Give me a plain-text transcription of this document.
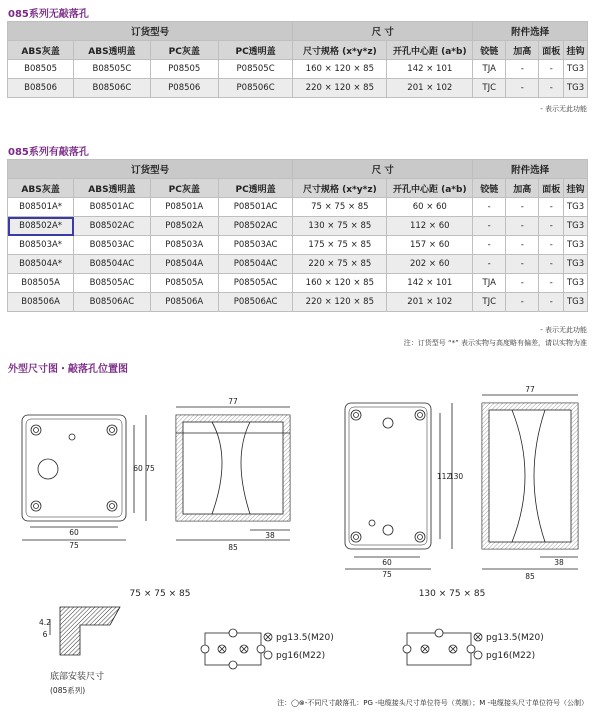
085系列无敲落孔
订货型号				尺 寸		附件选择			
ABS灰盖	ABS透明盖	PC灰盖	PC透明盖	尺寸规格 (x*y*z)	开孔中心距 (a*b)	铰链	加高	面板	挂钩
B08505	B08505C	P08505	P08505C	160 × 120 × 85	142 × 101	TJA	-	-	TG3
B08506	B08506C	P08506	P08506C	220 × 120 × 85	201 × 102	TJC	-	-	TG3
- 表示无此功能
085系列有敲落孔
订货型号				尺 寸		附件选择			
ABS灰盖	ABS透明盖	PC灰盖	PC透明盖	尺寸规格 (x*y*z)	开孔中心距 (a*b)	铰链	加高	面板	挂钩
B08501A*	B08501AC	P08501A	P08501AC	75 × 75 × 85	60 × 60	-	-	-	TG3
B08502A*	B08502AC	P08502A	P08502AC	130 × 75 × 85	112 × 60	-	-	-	TG3
B08503A*	B08503AC	P08503A	P08503AC	175 × 75 × 85	157 × 60	-	-	-	TG3
B08504A*	B08504AC	P08504A	P08504AC	220 × 75 × 85	202 × 60	-	-	-	TG3
B08505A	B08505AC	P08505A	P08505AC	160 × 120 × 85	142 × 101	TJA	-	-	TG3
B08506A	B08506AC	P08506A	P08506AC	220 × 120 × 85	201 × 102	TJC	-	-	TG3
- 表示无此功能
注：订货型号 “*” 表示实物与高度略有偏差，请以实物为准
外型尺寸图・敲落孔位置图
60
75
60 75
77
38
85
60
75
112
130
77
38
85
4.2
6
75 × 75 × 85	130 × 75 × 85
底部安装尺寸
pg13.5(M20)
pg16(M22)
pg13.5(M20)
pg16(M22)
(085系列)
注：◯⊗-不同尺寸敲落孔：PG -电缆接头尺寸单位符号（英制）；M -电缆接头尺寸单位符号（公制）
